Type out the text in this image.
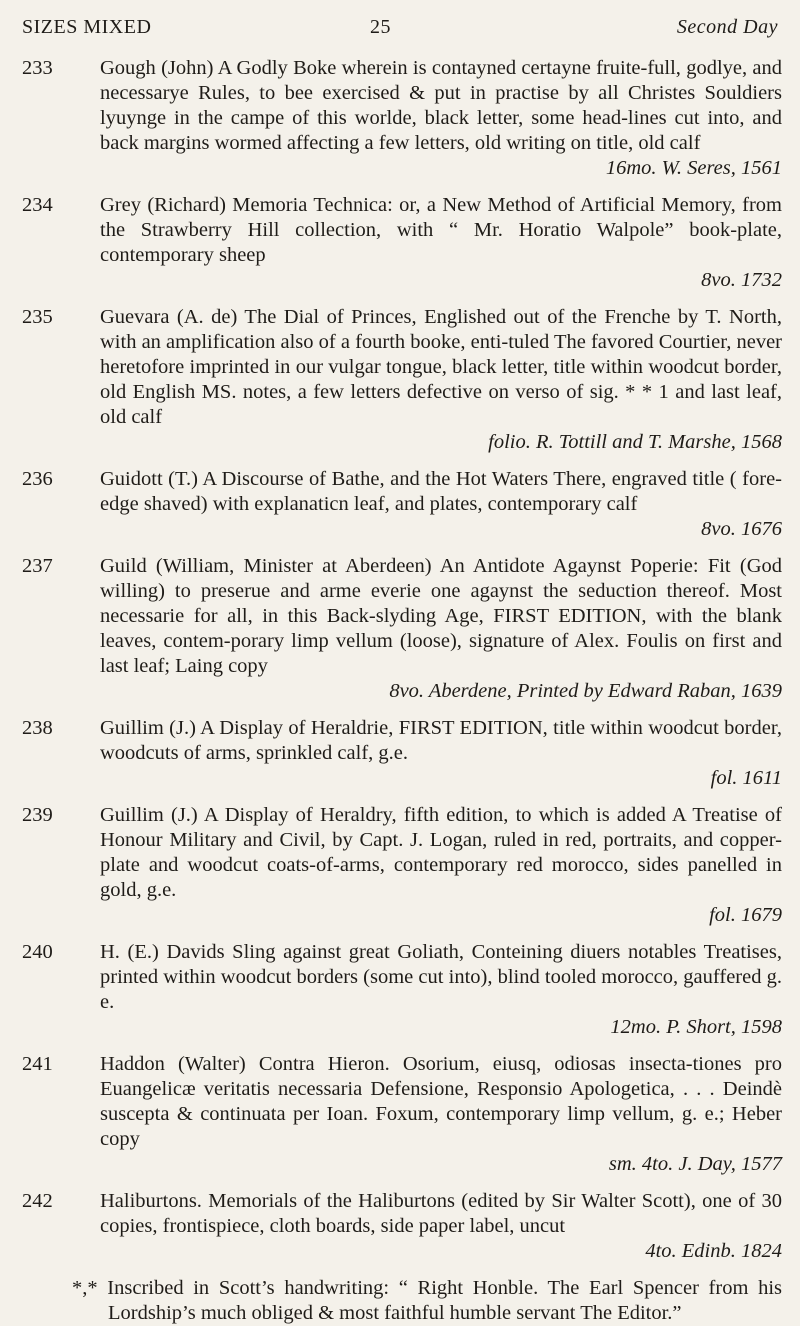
SIZES MIXED	25	Second Day
233	Gough (John) A Godly Boke wherein is contayned certayne fruite-full, godlye, and necessarye Rules, to bee exercised & put in practise by all Christes Souldiers lyuynge in the campe of this worlde, black letter, some head-lines cut into, and back margins wormed affecting a few letters, old writing on title, old calf
16mo. W. Seres, 1561
234	Grey (Richard) Memoria Technica: or, a New Method of Artificial Memory, from the Strawberry Hill collection, with “ Mr. Horatio Walpole” book-plate, contemporary sheep
8vo. 1732
235	Guevara (A. de) The Dial of Princes, Englished out of the Frenche by T. North, with an amplification also of a fourth booke, enti-tuled The favored Courtier, never heretofore imprinted in our vulgar tongue, black letter, title within woodcut border, old English MS. notes, a few letters defective on verso of sig. * * 1 and last leaf, old calf
folio. R. Tottill and T. Marshe, 1568
236	Guidott (T.) A Discourse of Bathe, and the Hot Waters There, engraved title ( fore-edge shaved) with explanaticn leaf, and plates, contemporary calf
8vo. 1676
237	Guild (William, Minister at Aberdeen) An Antidote Agaynst Poperie: Fit (God willing) to preserue and arme everie one agaynst the seduction thereof. Most necessarie for all, in this Back-slyding Age, FIRST EDITION, with the blank leaves, contem-porary limp vellum (loose), signature of Alex. Foulis on first and last leaf; Laing copy
8vo. Aberdene, Printed by Edward Raban, 1639
238	Guillim (J.) A Display of Heraldrie, FIRST EDITION, title within woodcut border, woodcuts of arms, sprinkled calf, g.e.
fol. 1611
239	Guillim (J.) A Display of Heraldry, fifth edition, to which is added A Treatise of Honour Military and Civil, by Capt. J. Logan, ruled in red, portraits, and copper-plate and woodcut coats-of-arms, contemporary red morocco, sides panelled in gold, g.e.
fol. 1679
240	H. (E.) Davids Sling against great Goliath, Conteining diuers notables Treatises, printed within woodcut borders (some cut into), blind tooled morocco, gauffered g. e.
12mo. P. Short, 1598
241	Haddon (Walter) Contra Hieron. Osorium, eiusq, odiosas insecta-tiones pro Euangelicæ veritatis necessaria Defensione, Responsio Apologetica, . . . Deindè suscepta & continuata per Ioan. Foxum, contemporary limp vellum, g. e.; Heber copy
sm. 4to. J. Day, 1577
242	Haliburtons. Memorials of the Haliburtons (edited by Sir Walter Scott), one of 30 copies, frontispiece, cloth boards, side paper label, uncut
4to. Edinb. 1824
*,* Inscribed in Scott’s handwriting: “ Right Honble. The Earl Spencer from his Lordship’s much obliged & most faithful humble servant The Editor.”
